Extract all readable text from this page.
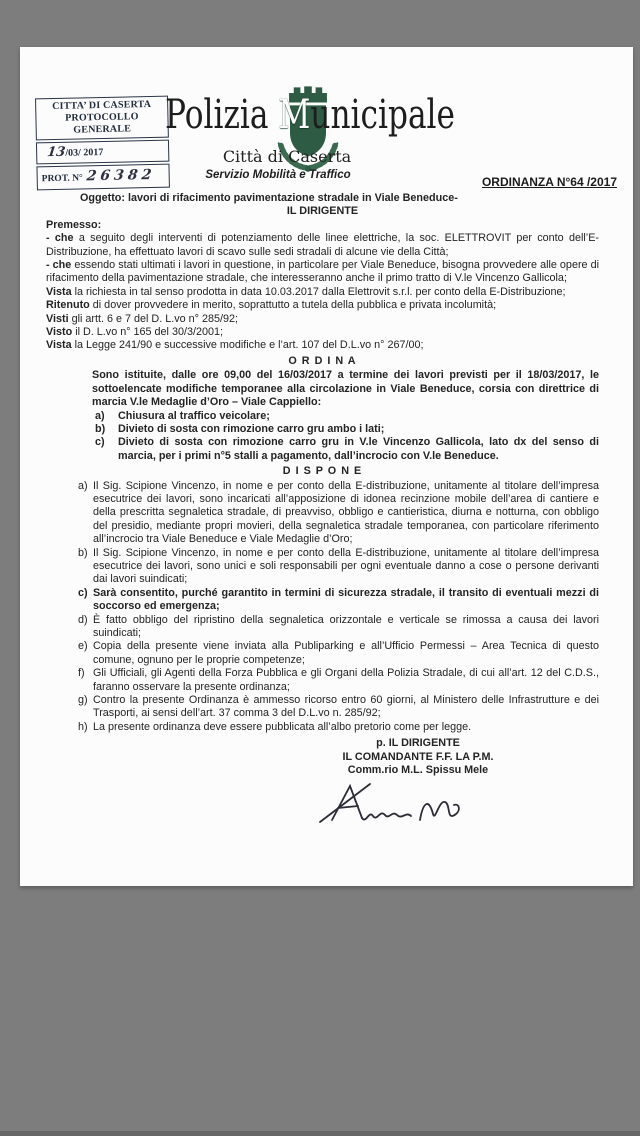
CITTA’ DI CASERTA
PROTOCOLLO GENERALE
13/03/ 2017
PROT. N° 26382
Polizia Municipale
Città di Caserta
Servizio Mobilità e Traffico	ORDINANZA N°64 /2017

Oggetto: lavori di rifacimento pavimentazione stradale in Viale Beneduce-

IL DIRIGENTE

Premesso:

- che a seguito degli interventi di potenziamento delle linee elettriche, la soc. ELETTROVIT per conto dell’E-Distribuzione, ha effettuato lavori di scavo sulle sedi stradali di alcune vie della Città;

- che essendo stati ultimati i lavori in questione, in particolare per Viale Beneduce, bisogna provvedere alle opere di rifacimento della pavimentazione stradale, che interesseranno anche il primo tratto di V.le Vincenzo Gallicola;

Vista la richiesta in tal senso prodotta in data 10.03.2017 dalla Elettrovit s.r.l. per conto della E-Distribuzione;

Ritenuto di dover provvedere in merito, soprattutto a tutela della pubblica e privata incolumità;

Visti gli artt. 6 e 7 del D. L.vo n° 285/92;

Visto il D. L.vo n° 165 del 30/3/2001;

Vista la Legge 241/90 e successive modifiche e l’art. 107 del D.L.vo n° 267/00;

O R D I N A

Sono istituite, dalle ore 09,00 del 16/03/2017 a termine dei lavori previsti per il 18/03/2017, le sottoelencate modifiche temporanee alla circolazione in Viale Beneduce, corsia con direttrice di marcia V.le Medaglie d’Oro – Viale Cappiello:

a)	Chiusura al traffico veicolare;
b)	Divieto di sosta con rimozione carro gru ambo i lati;
c)	Divieto di sosta con rimozione carro gru in V.le Vincenzo Gallicola, lato dx del senso di marcia, per i primi n°5 stalli a pagamento, dall’incrocio con V.le Beneduce.

D I S P O N E

a) Il Sig. Scipione Vincenzo, in nome e per conto della E-distribuzione, unitamente al titolare dell’impresa esecutrice dei lavori, sono incaricati all’apposizione di idonea recinzione mobile dell’area di cantiere e della prescritta segnaletica stradale, di preavviso, obbligo e cantieristica, diurna e notturna, con obbligo del presidio, mediante propri movieri, della segnaletica stradale temporanea, con particolare riferimento all’incrocio tra Viale Beneduce e Viale Medaglie d’Oro;
b) Il Sig. Scipione Vincenzo, in nome e per conto della E-distribuzione, unitamente al titolare dell’impresa esecutrice dei lavori, sono unici e soli responsabili per ogni eventuale danno a cose o persone derivanti dai lavori suindicati;
c) Sarà consentito, purché garantito in termini di sicurezza stradale, il transito di eventuali mezzi di soccorso ed emergenza;
d) È fatto obbligo del ripristino della segnaletica orizzontale e verticale se rimossa a causa dei lavori suindicati;
e) Copia della presente viene inviata alla Publiparking e all’Ufficio Permessi – Area Tecnica di questo comune, ognuno per le proprie competenze;
f) Gli Ufficiali, gli Agenti della Forza Pubblica e gli Organi della Polizia Stradale, di cui all’art. 12 del C.D.S., faranno osservare la presente ordinanza;
g) Contro la presente Ordinanza è ammesso ricorso entro 60 giorni, al Ministero delle Infrastrutture e dei Trasporti, ai sensi dell’art. 37 comma 3 del D.L.vo n. 285/92;
h) La presente ordinanza deve essere pubblicata all’albo pretorio come per legge.
p. IL DIRIGENTE
IL COMANDANTE F.F. LA P.M.
Comm.rio M.L. Spissu Mele
